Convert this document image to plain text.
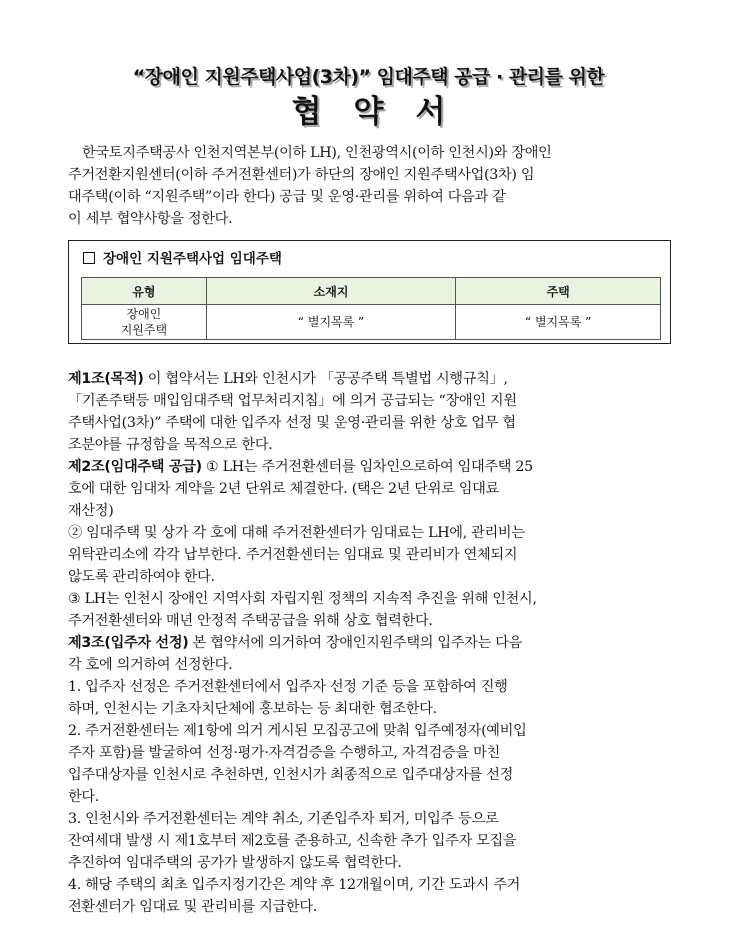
“장애인 지원주택사업(3차)” 임대주택 공급 · 관리를 위한
협약서
한국토지주택공사 인천지역본부(이하 LH), 인천광역시(이하 인천시)와 장애인
주거전환지원센터(이하 주거전환센터)가 하단의 장애인 지원주택사업(3차) 임
대주택(이하 “지원주택”이라 한다) 공급 및 운영·관리를 위하여 다음과 같
이 세부 협약사항을 정한다.
장애인 지원주택사업 임대주택
유형	소재지	주택
장애인
지원주택	“ 별지목록 ”	“ 별지목록 ”
제1조(목적) 이 협약서는 LH와 인천시가 「공공주택 특별법 시행규칙」,
「기존주택등 매입임대주택 업무처리지침」에 의거 공급되는 “장애인 지원
주택사업(3차)” 주택에 대한 입주자 선정 및 운영·관리를 위한 상호 업무 협
조분야를 규정함을 목적으로 한다.
제2조(임대주택 공급) ① LH는 주거전환센터를 임차인으로하여 임대주택 25
호에 대한 임대차 계약을 2년 단위로 체결한다. (택은 2년 단위로 임대료
재산정)
② 임대주택 및 상가 각 호에 대해 주거전환센터가 임대료는 LH에, 관리비는
위탁관리소에 각각 납부한다. 주거전환센터는 임대료 및 관리비가 연체되지
않도록 관리하여야 한다.
③ LH는 인천시 장애인 지역사회 자립지원 정책의 지속적 추진을 위해 인천시,
주거전환센터와 매년 안정적 주택공급을 위해 상호 협력한다.
제3조(입주자 선정) 본 협약서에 의거하여 장애인지원주택의 입주자는 다음
각 호에 의거하여 선정한다.
1. 입주자 선정은 주거전환센터에서 입주자 선정 기준 등을 포함하여 진행
하며, 인천시는 기초자치단체에 홍보하는 등 최대한 협조한다.
2. 주거전환센터는 제1항에 의거 게시된 모집공고에 맞춰 입주예정자(예비입
주자 포함)를 발굴하여 선정·평가·자격검증을 수행하고, 자격검증을 마친
입주대상자를 인천시로 추천하면, 인천시가 최종적으로 입주대상자를 선정
한다.
3. 인천시와 주거전환센터는 계약 취소, 기존입주자 퇴거, 미입주 등으로
잔여세대 발생 시 제1호부터 제2호를 준용하고, 신속한 추가 입주자 모집을
추진하여 임대주택의 공가가 발생하지 않도록 협력한다.
4. 해당 주택의 최초 입주지정기간은 계약 후 12개월이며, 기간 도과시 주거
전환센터가 임대료 및 관리비를 지급한다.
